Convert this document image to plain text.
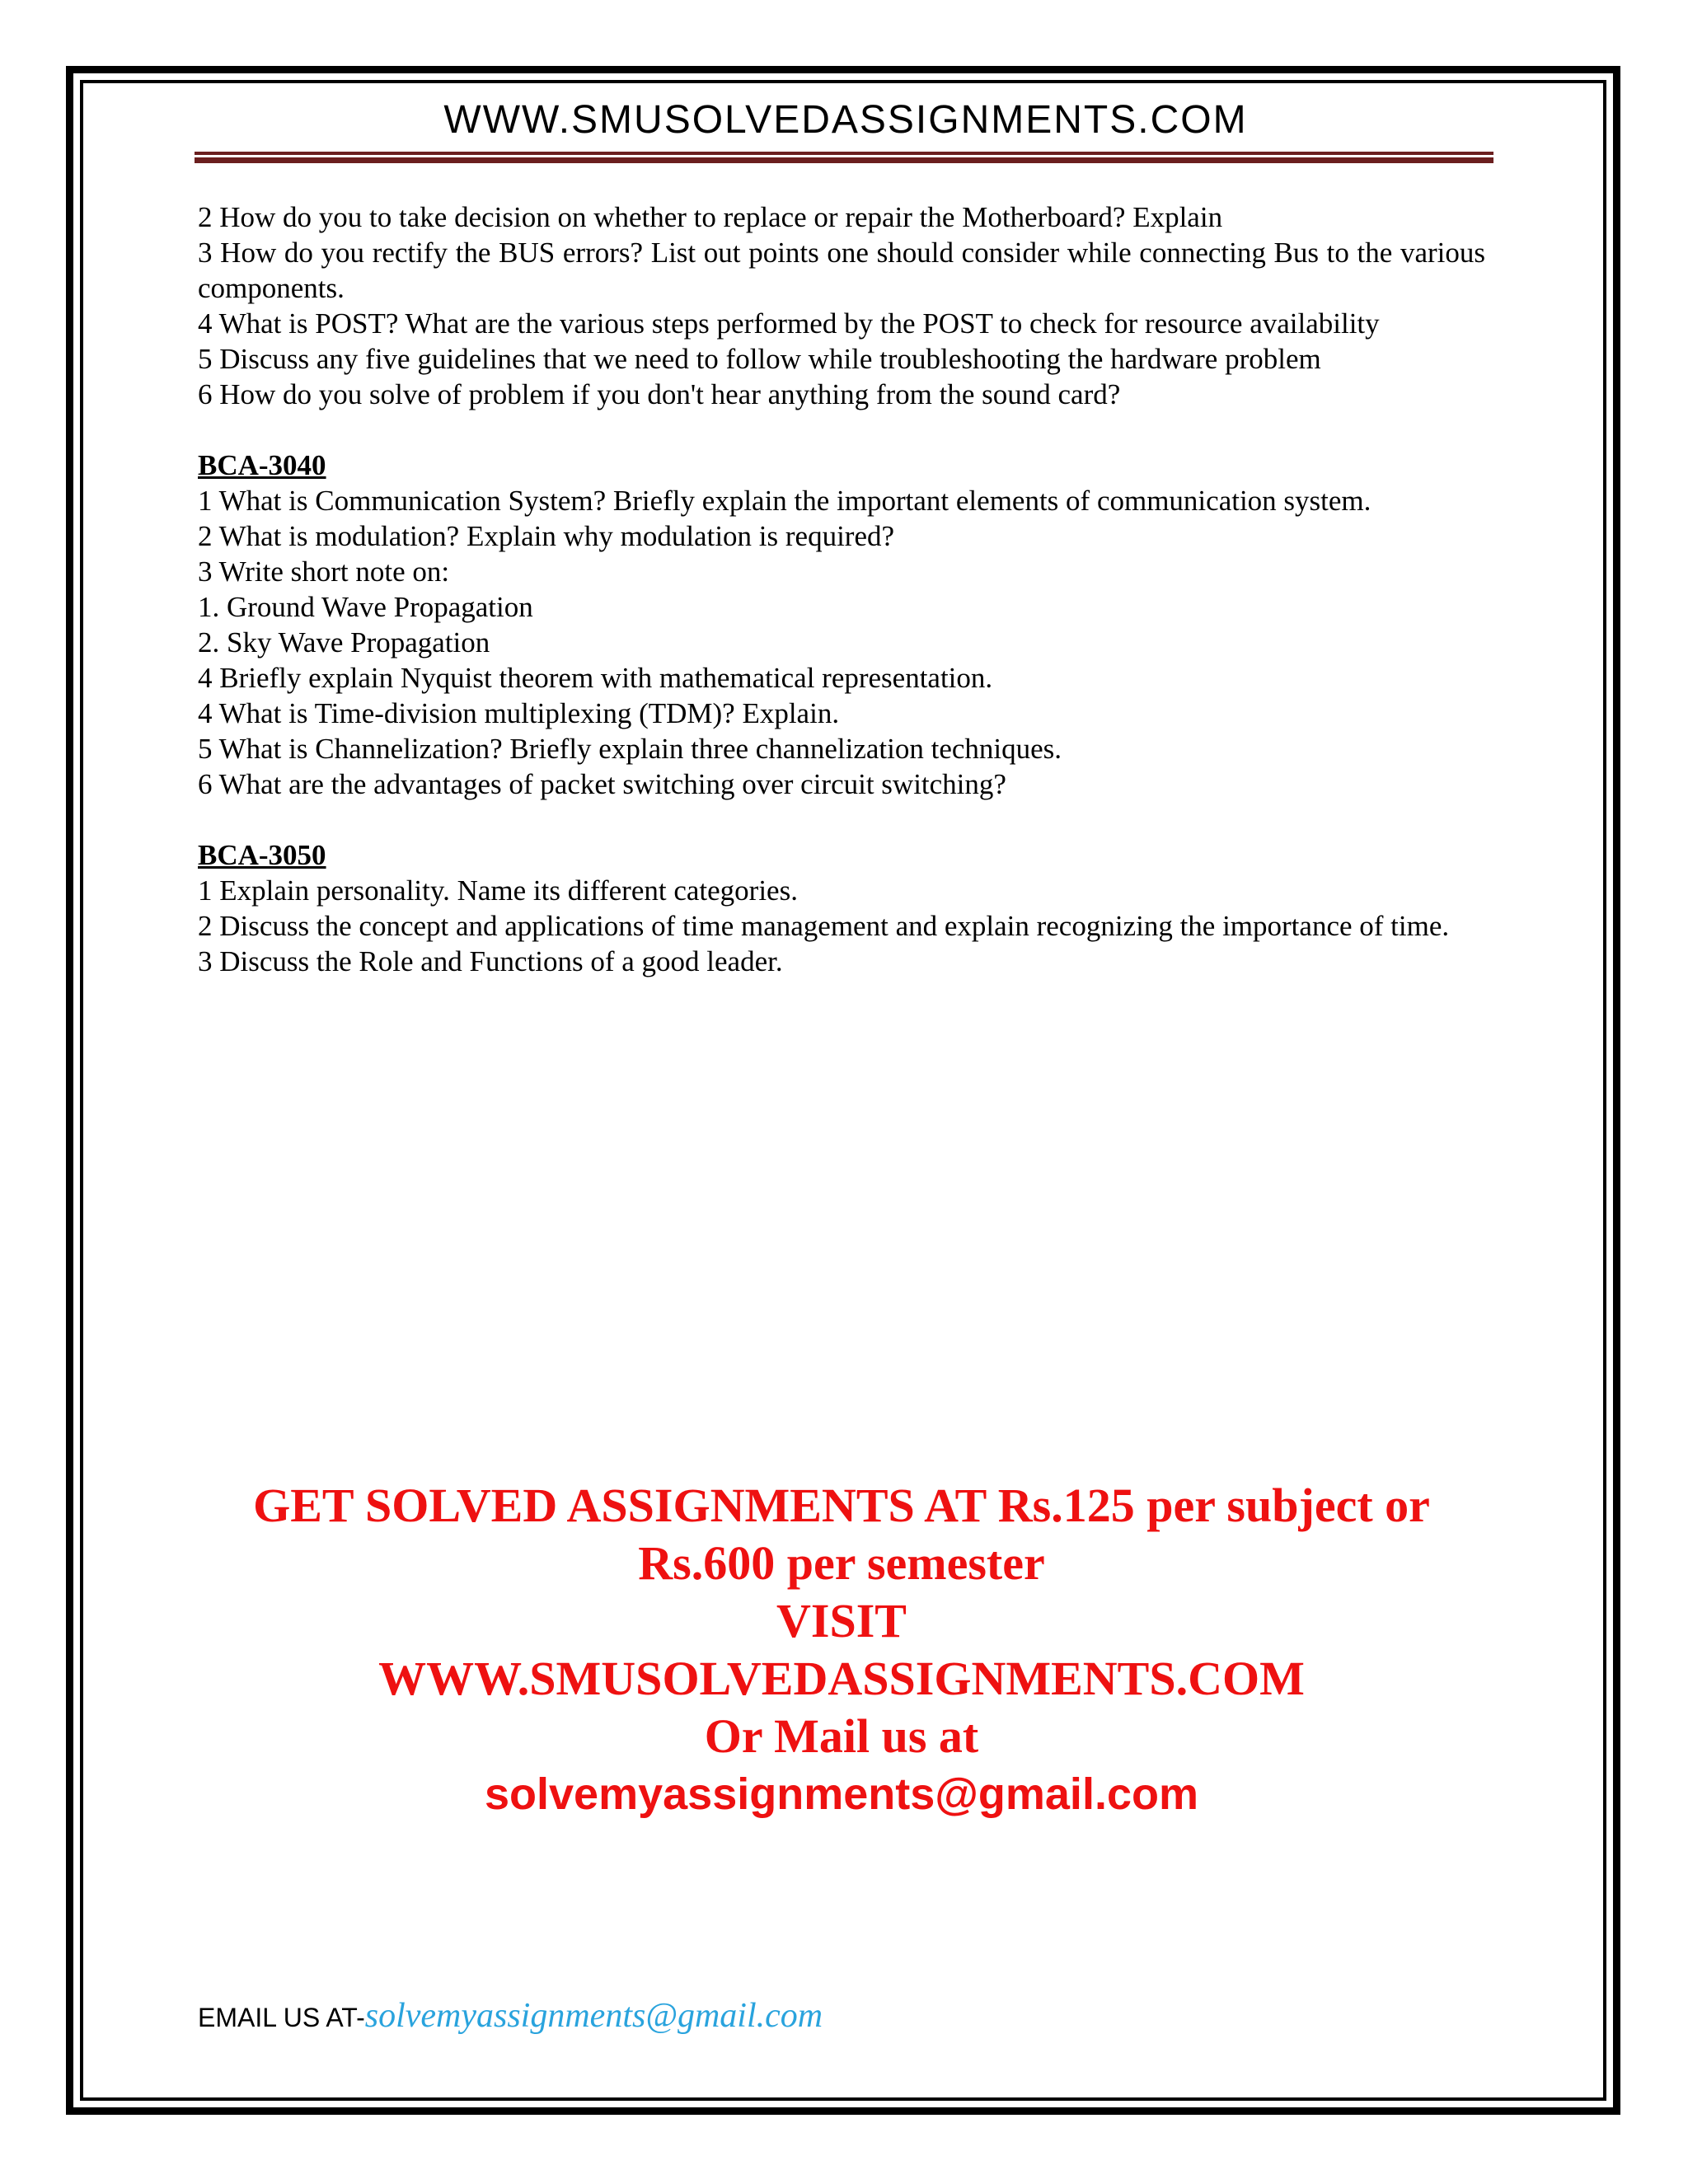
WWW.SMUSOLVEDASSIGNMENTS.COM

2 How do you to take decision on whether to replace or repair the Motherboard? Explain

3 How do you rectify the BUS errors? List out points one should consider while connecting Bus to the various components.

4 What is POST? What are the various steps performed by the POST to check for resource availability

5 Discuss any five guidelines that we need to follow while troubleshooting the hardware problem

6 How do you solve of problem if you don't hear anything from the sound card?

BCA-3040

1 What is Communication System? Briefly explain the important elements of communication system.

2 What is modulation? Explain why modulation is required?

3 Write short note on:

1. Ground Wave Propagation

2. Sky Wave Propagation

4 Briefly explain Nyquist theorem with mathematical representation.

4 What is Time-division multiplexing (TDM)? Explain.

5 What is Channelization? Briefly explain three channelization techniques.

6 What are the advantages of packet switching over circuit switching?

BCA-3050

1 Explain personality. Name its different categories.

2 Discuss the concept and applications of time management and explain recognizing the importance of time.

3 Discuss the Role and Functions of a good leader.

GET SOLVED ASSIGNMENTS AT Rs.125 per subject or
Rs.600 per semester
VISIT
WWW.SMUSOLVEDASSIGNMENTS.COM
Or Mail us at
solvemyassignments@gmail.com
EMAIL US AT-solvemyassignments@gmail.com
